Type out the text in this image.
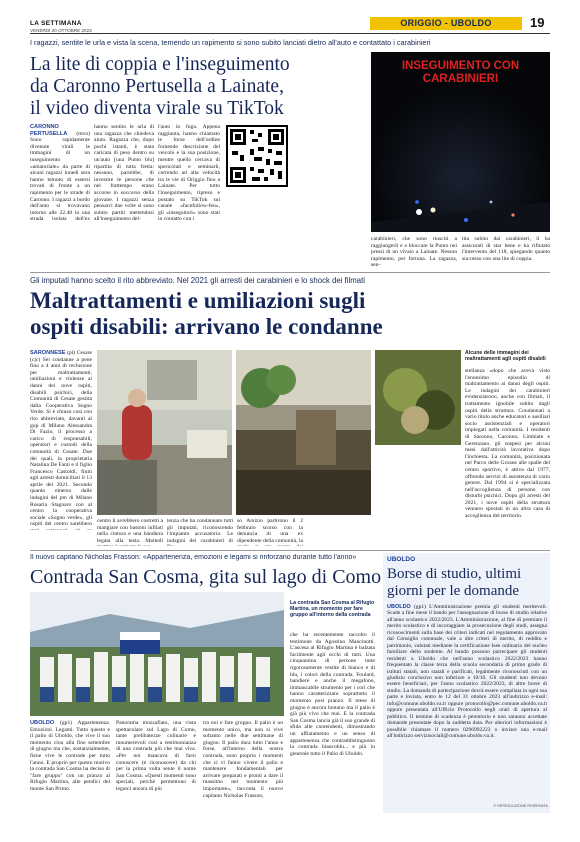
LA SETTIMANA
VENERDÌ 20 OTTOBRE 2023
ORIGGIO - UBOLDO	19
I ragazzi, sentite le urla e vista la scena, temendo un rapimento si sono subito lanciati dietro all'auto e contattato i carabinieri
La lite di coppia e l'inseguimento
da Caronno Pertusella a Lainate,
il video diventa virale su TikTok
INSEGUIMENTO CON
CARABINIERI
CARONNO PERTUSELLA (mvo) Sono rapidamente divenute virali le immagini di un inseguimento «amatoriale» da parte di alcuni ragazzi lunedì sera hanno temuto di essersi trovati di fronte a un rapimento per le strade di Caronno. I ragazzi a bordo dell'auto si trovavano intorno alle 22.40 in una strada isolata dell'ex
hanno sentito le urla di una ragazza che chiedeva aiuto. Ragazza che, dopo pochi istanti, è stata caricata di peso dentro su un'auto [una Punto blu] ripartita di tutta fretta: nessuno, parrebbe, di investire le persone che nel frattempo erano accorse in soccorso della giovane. I ragazzi senza pensarci due volte si sono subito partiti mettendosi all'inseguimento del-
l'auto in fuga. Appena raggiunta, hanno chiamato le forze dell'ordine fornendo descrizione del veicolo e la sua posizione, mentre quello cercava di spericolati e seminarli, correndo ad alta velocità tra le vie di Origgio fino a Lainate. Per tutto l'inseguimento, ripreso e postato su TikTok sul canale «facefullow-fen», gli «inseguitori» sono stati in contatto con i
carabinieri, che sono riusciti a raggiungerli e a bloccare la Punto nei pressi di un vivaio a Lainate. Nessun rapimento, per fortuna. La ragazza, sen-
tita subito dai carabinieri, li ha assicurati di star bene e ha rifiutato l'intervento del 118, spiegando quanto successo con una lite di coppia.
Gli imputati hanno scelto il rito abbreviato. Nel 2021 gli arresti dei carabinieri e lo shock dei filmati
Maltrattamenti e umiliazioni sugli
ospiti disabili: arrivano le condanne
SARONNESE (pl) Cesare (cjc) Sei condanne a pene fino a 4 anni di reclusione per maltrattamenti, umiliazioni e violenze ai danni dei nove ospiti, disabili psichici, della Comunità di Cesate gestita dalla Cooperativa Sogno Verde. Si è chiuso così con rito abbreviato, davanti al gup di Milano Alessandra Di Fazio, il processo a carico di responsabili, operatori e custodi della comunità di Cesate. Due dei quali, la proprietaria Natalina De Fanti e il figlio Francesco Castoldi, finiti agli arresti domiciliari il 13 aprile del 2021. Secondo quanto emerso dalle indagini del pm di Milano Rosaria Stagnaro con al centro la cooperativa sociale «Sogno verde», gli ospiti del centro sarebbero
Alcune delle immagini dei maltrattamenti agli ospiti disabili
centro li avrebbero costretti a mangiare con bastoni infilati nella cintura e una bandiera legata alla testa. Martedì
tenza che ha condannato tutti gli imputati, riconoscendo l'impianto accusatorio. Le indagini dei carabinieri di
so Arsizio partirono il 2 febbraio scorso con la denuncia di una ex dipendente della comunità, la
stellanza «dopo che aveva visto l'ennesimo episodio di maltrattamento ai danni degli ospiti. Le indagini dei carabinieri evidenziarono, anche con filmati, il trattamento ignobile subito dagli ospiti della struttura. Condannati a vario titolo anche educatori e ausiliari socio assistenziali e operatori impiegati nella comunità. I residenti di Saronno, Caronno, Limbiate e Gerenzano, gli sospesi per alcuni mesi dall'attività lavorativa dopo l'inchiesta. La comunità, posizionata nel Parco delle Groane alle spalle del centro sportivo, è attiva dal 1977, offrendo servizi di assistenza di vario genere. Dal 1994 si è specializzata nell'accoglienza di persone con disturbi psichici. Dopo gli arresti del 2021, i nove ospiti della struttura vennero spostati in un altra casa di accoglienza del territorio.
Il nuovo capitano Nicholas Frasson: «Appartenenza, emozioni e legami si rinforzano durante tutto l'anno»
Contrada San Cosma, gita sul lago di Como
La contrada San Cosma al Rifugio Martina, un momento per fare gruppo all'interno della contrada
UBOLDO (gp1) Appartenenza. Emozioni. Legami. Tutto questo e il palio di Uboldo, che vive il suo momento clou alla fine settembre di giugno ma che, sostanzialmente, fiene vive le contrade per tutto l'anno. E proprio per questo motivo la contrada San Cosma ha deciso di "fare gruppo" con un pranzo al Rifugio Martina, alle pendici del monte San Primo.
Panorama mozzafiato, una vista spettacolare sul Lago di Como, tante prelibatezze culinarie e innumerevoli così a testimonianza di una contrada più che mai viva. «Per noi mancava di farsi conoscere (e riconoscere) da chi per la prima volta sente il nome San Cosma. «Questi momenti sono speciali, perché permettono di legarci ancora di più
tra noi e fare gruppo. Il palio è un momento unico, ma non si vive soltanto nelle due settimane di giugno. Il palio dura tutto l'anno e forse, all'interno della nostra contrada, sono proprio i momenti che ci vi fanno vivere il palio e mantenere fondamentali per arrivare preparati e pronti a dare il massimo nel momento più importante», racconta il nuovo capitano Nicholas Frasson,
che ha recentemente raccolto il testimone da Agostino Mancinotti. L'ascesa al Rifugio Martina è balzata facilmente agli occhi di tutti. Una cinquantina di persone tutte rigorosamente vestite di bianco e di blu, i colori della contrada. Foulard, bandiere e anche il megafono, immancabile strumento per i cori che hanno caratterizzato soprattutto il momento post pranzo. Il mese di giugno è ancora lontano ma il palio è già più vivo che mai. E la contrada San Cosma lancia già il suo grande di sfida alle contendenti, dimostrando un affiatamento e un senso di appartenenza che contraddistinguono la contrada biancoblu... e più in generale tutto il Palio di Uboldo.
UBOLDO
Borse di studio, ultimi
giorni per le domande
UBOLDO (gp1) L'Amministrazione premia gli studenti meritevoli. Scade a fine mese il bando per l'assegnazione di borse di studio relative all'anno scolastico 2022/2023. L'Amministrazione, al fine di premiare il merito scolastico e di incoraggiare la prosecuzione degli studi, assegna riconoscimenti sulla base dei criteri indicati nel regolamento approvato dal Consiglio comunale, vale a dire criteri di merito, di reddito e patrimonio, valutati mediante la certificazione Isee ordinario del nucleo familiare dello studente. Al bando possono partecipare gli studenti residenti a Uboldo che nell'anno scolastico 2022/2023 hanno frequentato la classe terza della scuola secondaria di primo grado di istituti statali, non statali e parificati, legalmente riconosciuti con un giudizio conclusivo non inferiore a 10/10. Gli studenti non devono essere beneficiari, per l'anno scolastico 2022/2023, di altre borse di studio. La domanda di partecipazione dovrà essere compilata in ogni sua parte e inviata, entro le 12 del 31 ottobre 2023 all'indirizzo e-mail: info@comune.uboldo.va.it oppure protocollo@pec.comune.uboldo.va.it oppure presentata all'Ufficio Protocollo negli orari di apertura al pubblico. Il termine di scadenza è perentorio e non saranno accettate domande presentate dopo la suddetta data. Per ulteriori informazioni è possibile chiamare il numero 0296992223 o inviare una e-mail all'indirizzo servizisociali@comune.uboldo.va.it.
© RIPRODUZIONE RISERVATA
